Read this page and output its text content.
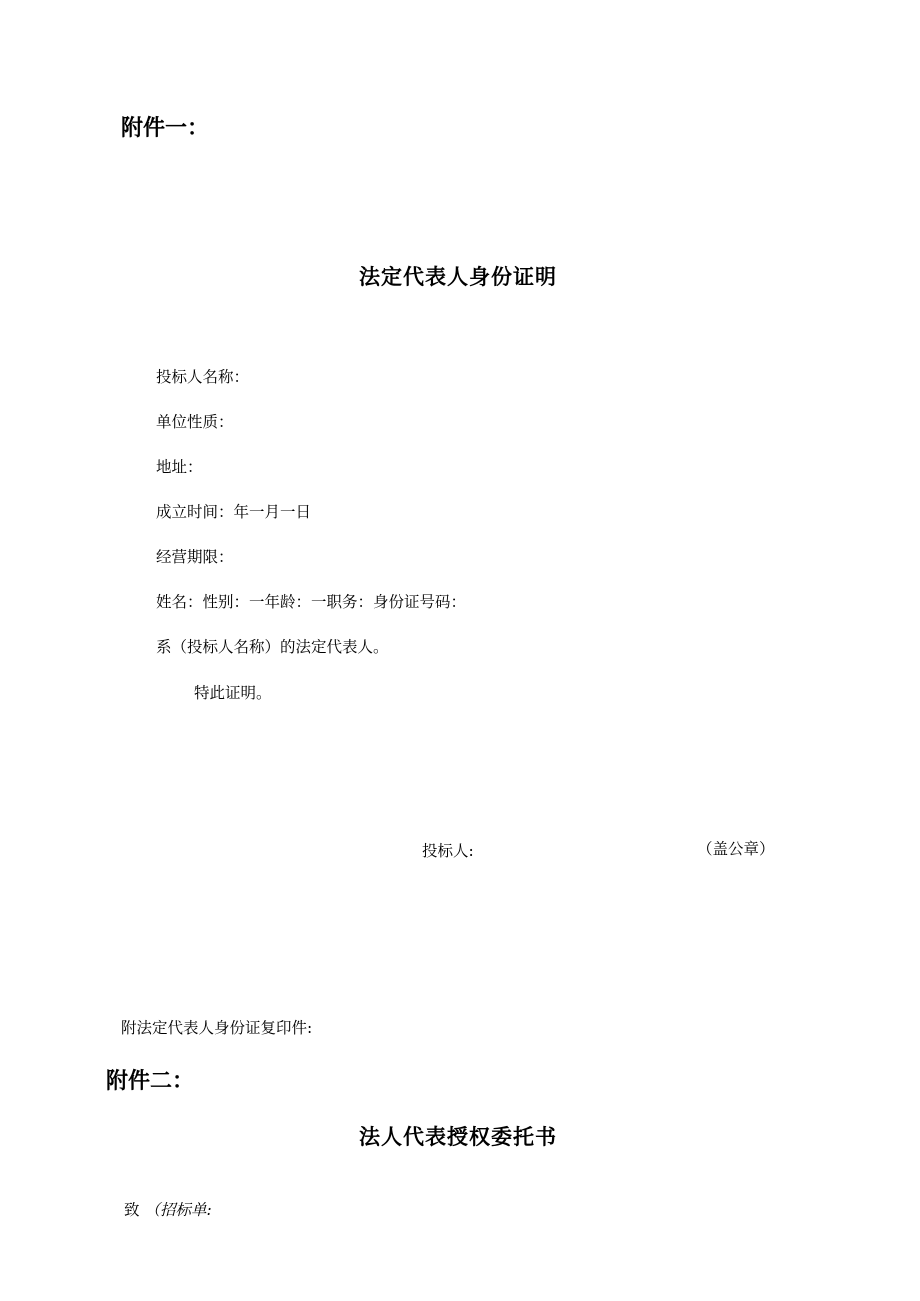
附件一：
法定代表人身份证明
投标人名称：
单位性质：
地址：
成立时间：年一月一日
经营期限：
姓名：性别：一年龄：一职务：身份证号码：
系（投标人名称）的法定代表人。
特此证明。
投标人:	（盖公章）
附法定代表人身份证复印件:
附件二：
法人代表授权委托书
致 （招标单:
